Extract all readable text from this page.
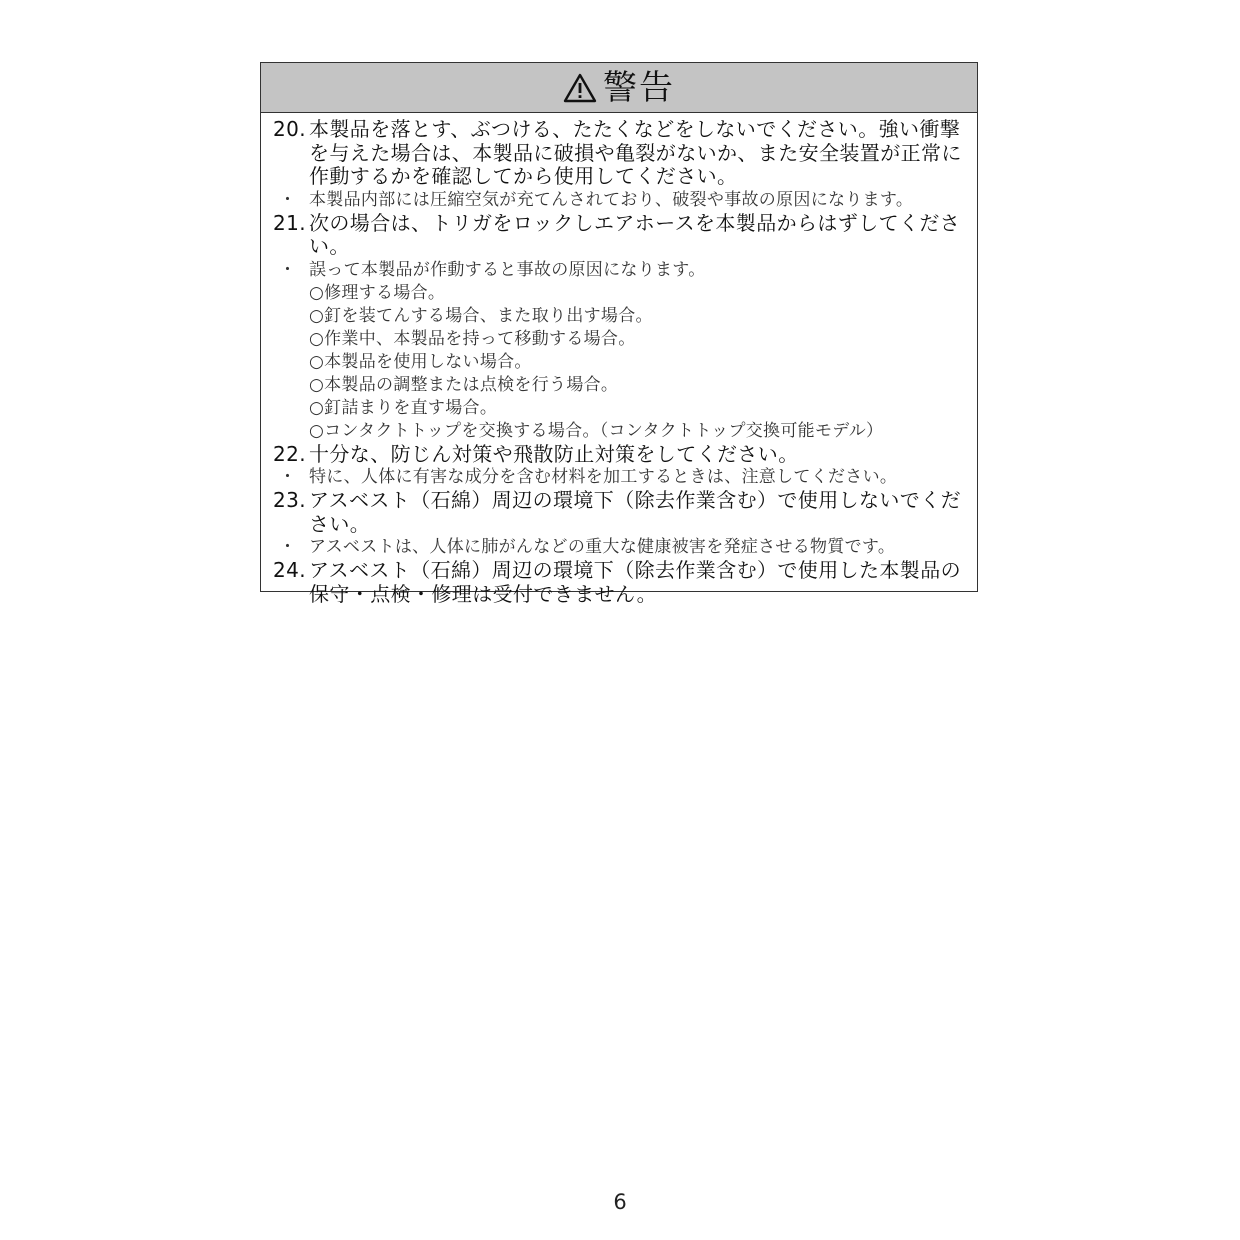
警告
20. 本製品を落とす、ぶつける、たたくなどをしないでください。強い衝撃を与えた場合は、本製品に破損や亀裂がないか、また安全装置が正常に作動するかを確認してから使用してください。
・ 本製品内部には圧縮空気が充てんされており、破裂や事故の原因になります。
21. 次の場合は、トリガをロックしエアホースを本製品からはずしてください。
・ 誤って本製品が作動すると事故の原因になります。
○修理する場合。
○釘を装てんする場合、また取り出す場合。
○作業中、本製品を持って移動する場合。
○本製品を使用しない場合。
○本製品の調整または点検を行う場合。
○釘詰まりを直す場合。
○コンタクトトップを交換する場合。（コンタクトトップ交換可能モデル）
22. 十分な、防じん対策や飛散防止対策をしてください。
・ 特に、人体に有害な成分を含む材料を加工するときは、注意してください。
23. アスベスト（石綿）周辺の環境下（除去作業含む）で使用しないでください。
・ アスベストは、人体に肺がんなどの重大な健康被害を発症させる物質です。
24. アスベスト（石綿）周辺の環境下（除去作業含む）で使用した本製品の保守・点検・修理は受付できません。
6
